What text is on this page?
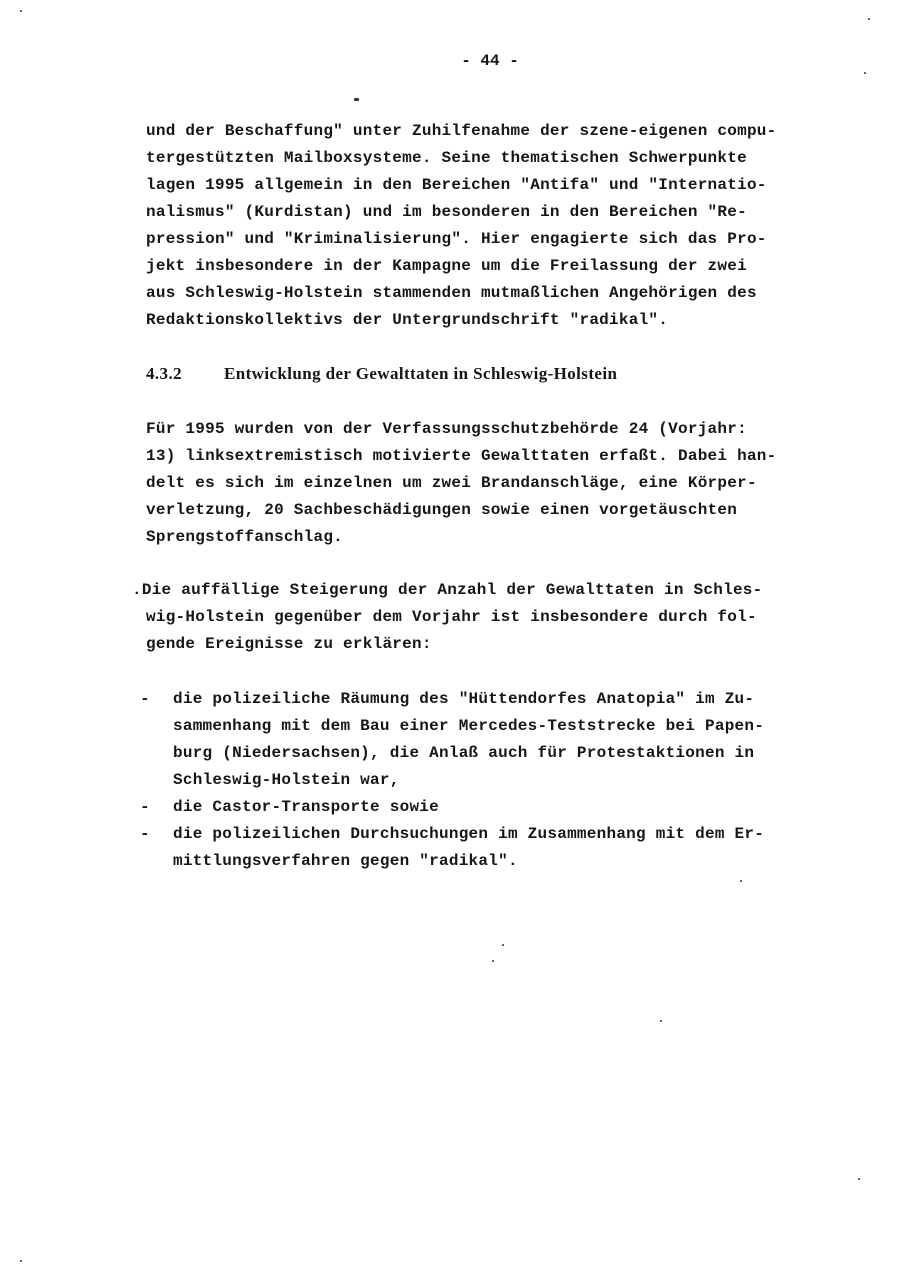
- 44 -
und der Beschaffung" unter Zuhilfenahme der szene-eigenen compu-
tergestützten Mailboxsysteme. Seine thematischen Schwerpunkte
lagen 1995 allgemein in den Bereichen "Antifa" und "Internatio-
nalismus" (Kurdistan) und im besonderen in den Bereichen "Re-
pression" und "Kriminalisierung". Hier engagierte sich das Pro-
jekt insbesondere in der Kampagne um die Freilassung der zwei
aus Schleswig-Holstein stammenden mutmaßlichen Angehörigen des
Redaktionskollektivs der Untergrundschrift "radikal".
4.3.2 Entwicklung der Gewalttaten in Schleswig-Holstein
Für 1995 wurden von der Verfassungsschutzbehörde 24 (Vorjahr:
13) linksextremistisch motivierte Gewalttaten erfaßt. Dabei han-
delt es sich im einzelnen um zwei Brandanschläge, eine Körper-
verletzung, 20 Sachbeschädigungen sowie einen vorgetäuschten
Sprengstoffanschlag.
.Die auffällige Steigerung der Anzahl der Gewalttaten in Schles-
wig-Holstein gegenüber dem Vorjahr ist insbesondere durch fol-
gende Ereignisse zu erklären:
- die polizeiliche Räumung des "Hüttendorfes Anatopia" im Zu-
sammenhang mit dem Bau einer Mercedes-Teststrecke bei Papen-
burg (Niedersachsen), die Anlaß auch für Protestaktionen in
Schleswig-Holstein war,
- die Castor-Transporte sowie
- die polizeilichen Durchsuchungen im Zusammenhang mit dem Er-
mittlungsverfahren gegen "radikal".
